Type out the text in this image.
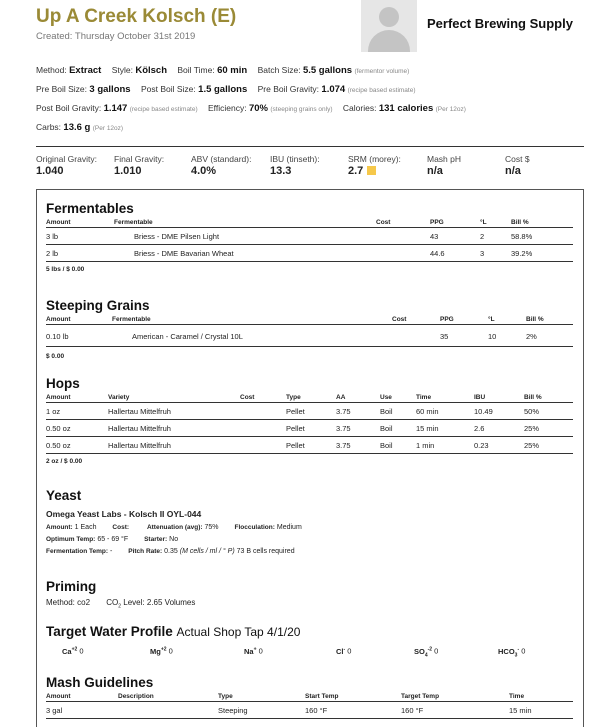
Up A Creek Kolsch (E)
Created: Thursday October 31st 2019
Perfect Brewing Supply
Method: Extract Style: Kölsch Boil Time: 60 min Batch Size: 5.5 gallons (fermentor volume)
Pre Boil Size: 3 gallons Post Boil Size: 1.5 gallons Pre Boil Gravity: 1.074 (recipe based estimate)
Post Boil Gravity: 1.147 (recipe based estimate) Efficiency: 70% (steeping grains only) Calories: 131 calories (Per 12oz)
Carbs: 13.6 g (Per 12oz)
Original Gravity:
1.040
Final Gravity:
1.010
ABV (standard):
4.0%
IBU (tinseth):
13.3
SRM (morey):
2.7
Mash pH
n/a
Cost $
n/a
Fermentables
Amount	Fermentable	Cost	PPG	°L	Bill %
3 lb	Briess - DME Pilsen Light		43	2	58.8%
2 lb	Briess - DME Bavarian Wheat		44.6	3	39.2%
5 lbs / $ 0.00
Steeping Grains
Amount	Fermentable	Cost	PPG	°L	Bill %
0.10 lb	American - Caramel / Crystal 10L		35	10	2%
$ 0.00
Hops
Amount	Variety	Cost	Type	AA	Use	Time	IBU	Bill %
1 oz	Hallertau Mittelfruh		Pellet	3.75	Boil	60 min	10.49	50%
0.50 oz	Hallertau Mittelfruh		Pellet	3.75	Boil	15 min	2.6	25%
0.50 oz	Hallertau Mittelfruh		Pellet	3.75	Boil	1 min	0.23	25%
2 oz / $ 0.00
Yeast
Omega Yeast Labs - Kolsch II OYL-044
Amount: 1 Each Cost:	Attenuation (avg): 75% Flocculation: Medium
Optimum Temp: 65 - 69 °F Starter: No
Fermentation Temp: - Pitch Rate: 0.35 (M cells / ml / ° P) 73 B cells required
Priming
Method: co2 $CO_2$ Level: 2.65 Volumes
Target Water Profile Actual Shop Tap 4/1/20
$Ca^{+2}$ 0	$Mg^{+2}$ 0	Na+ 0	Cl- 0	$SO_4^{-2}$ 0	$HCO_3^-$ 0
Mash Guidelines
Amount	Description	Type	Start Temp	Target Temp	Time
3 gal		Steeping	160 °F	160 °F	15 min
